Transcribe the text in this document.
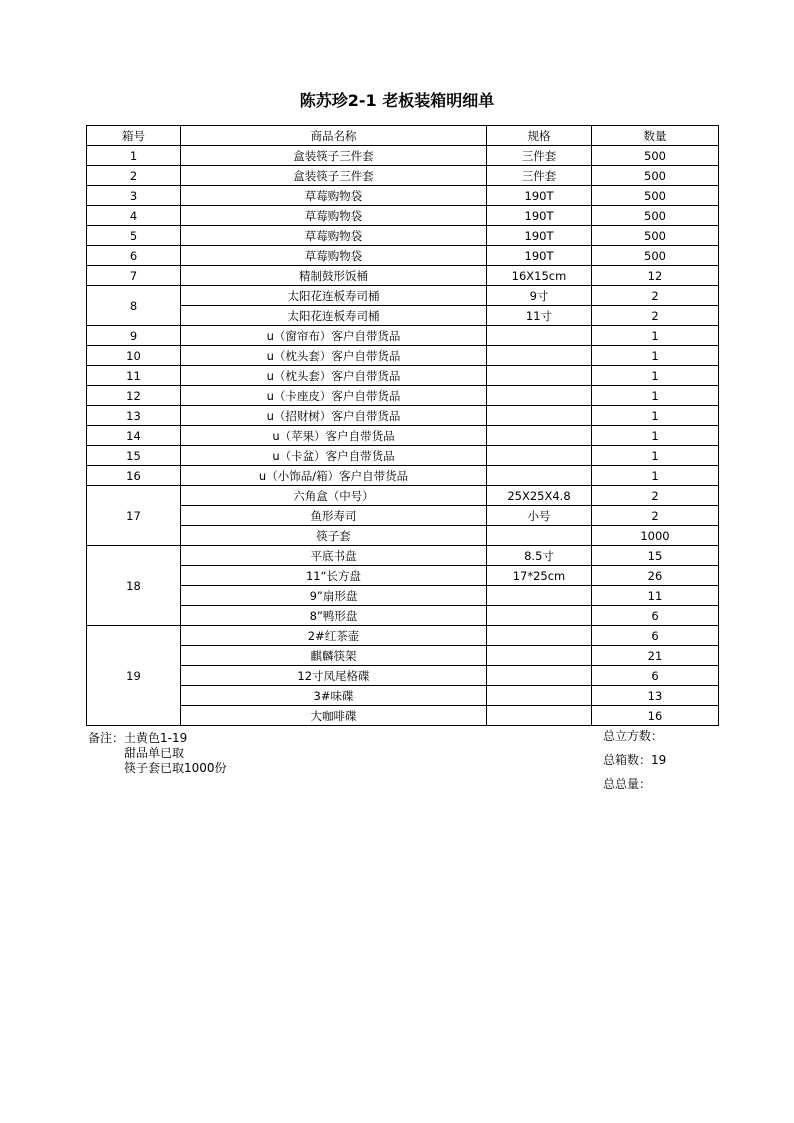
陈苏珍2-1 老板装箱明细单
箱号	商品名称	规格	数量
1	盒装筷子三件套	三件套	500
2	盒装筷子三件套	三件套	500
3	草莓购物袋	190T	500
4	草莓购物袋	190T	500
5	草莓购物袋	190T	500
6	草莓购物袋	190T	500
7	精制鼓形饭桶	16X15cm	12
8	太阳花连板寿司桶	9寸	2
	太阳花连板寿司桶	11寸	2
9	u（窗帘布）客户自带货品		1
10	u（枕头套）客户自带货品		1
11	u（枕头套）客户自带货品		1
12	u（卡座皮）客户自带货品		1
13	u（招财树）客户自带货品		1
14	u（苹果）客户自带货品		1
15	u（卡盆）客户自带货品		1
16	u（小饰品/箱）客户自带货品		1
17	六角盒（中号）	25X25X4.8	2
	鱼形寿司	小号	2
	筷子套		1000
18	平底书盘	8.5寸	15
	11“长方盘	17*25cm	26
	9”扇形盘		11
	8”鸭形盘		6
19	2#红茶壶		6
	麒麟筷架		21
	12寸凤尾格碟		6
	3#味碟		13
	大咖啡碟		16
备注：土黄色1-19
甜品单已取
筷子套已取1000份
总立方数：
总箱数：19
总总量：
